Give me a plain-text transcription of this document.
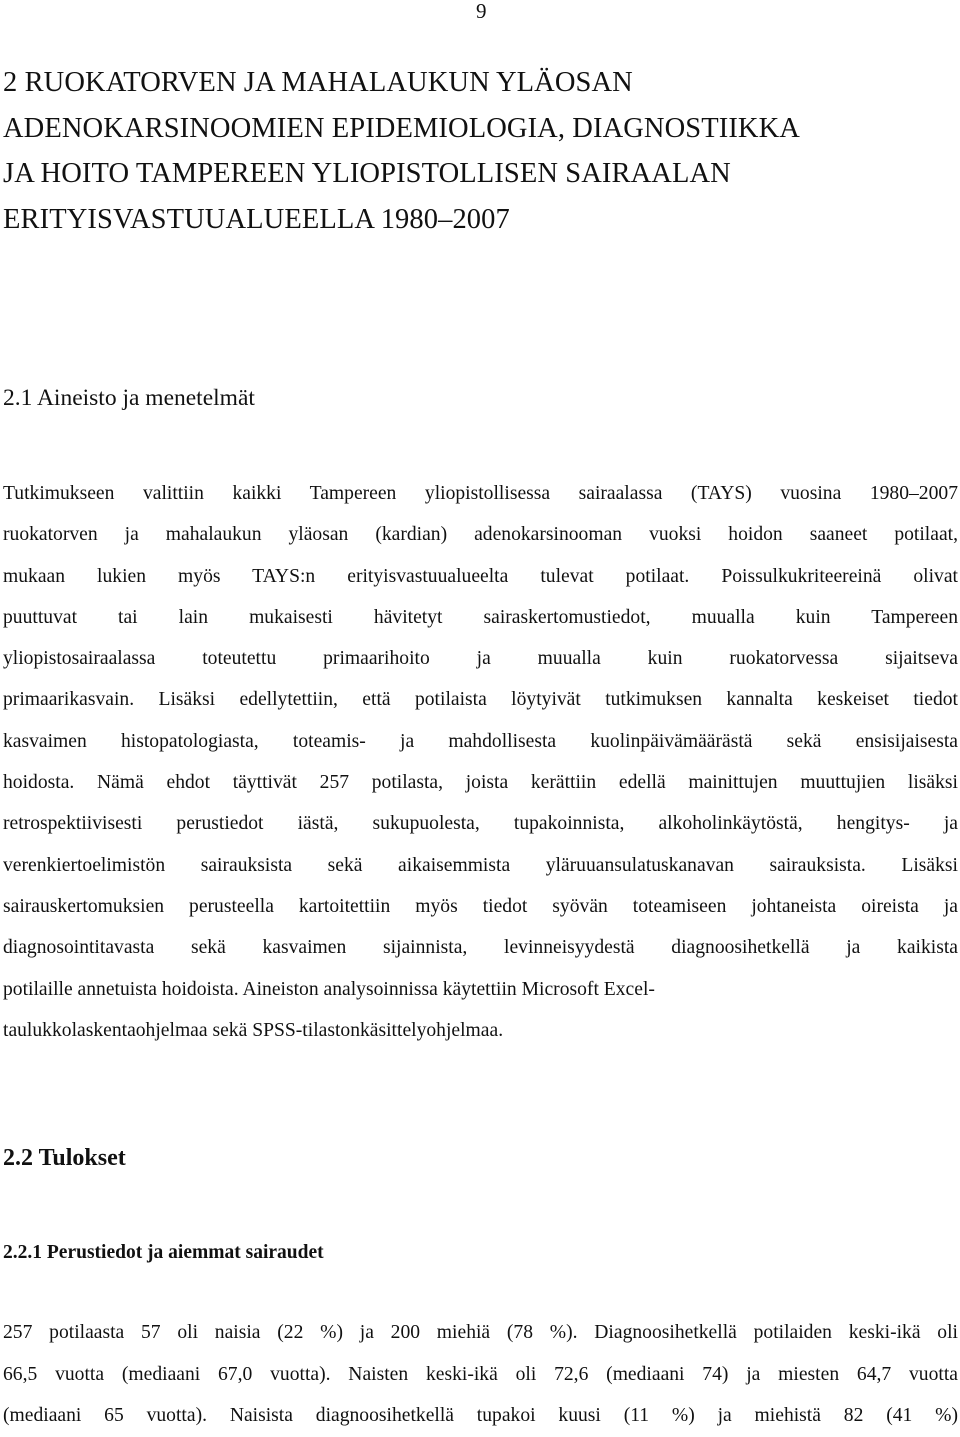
9
2 RUOKATORVEN JA MAHALAUKUN YLÄOSAN
ADENOKARSINOOMIEN EPIDEMIOLOGIA, DIAGNOSTIIKKA
JA HOITO TAMPEREEN YLIOPISTOLLISEN SAIRAALAN
ERITYISVASTUUALUEELLA 1980–2007
2.1 Aineisto ja menetelmät
Tutkimukseen valittiin kaikki Tampereen yliopistollisessa sairaalassa (TAYS) vuosina 1980–2007
ruokatorven ja mahalaukun yläosan (kardian) adenokarsinooman vuoksi hoidon saaneet potilaat,
mukaan lukien myös TAYS:n erityisvastuualueelta tulevat potilaat. Poissulkukriteereinä olivat
puuttuvat tai lain mukaisesti hävitetyt sairaskertomustiedot, muualla kuin Tampereen
yliopistosairaalassa toteutettu primaarihoito ja muualla kuin ruokatorvessa sijaitseva
primaarikasvain. Lisäksi edellytettiin, että potilaista löytyivät tutkimuksen kannalta keskeiset tiedot
kasvaimen histopatologiasta, toteamis- ja mahdollisesta kuolinpäivämäärästä sekä ensisijaisesta
hoidosta. Nämä ehdot täyttivät 257 potilasta, joista kerättiin edellä mainittujen muuttujien lisäksi
retrospektiivisesti perustiedot iästä, sukupuolesta, tupakoinnista, alkoholinkäytöstä, hengitys- ja
verenkiertoelimistön sairauksista sekä aikaisemmista yläruuansulatuskanavan sairauksista. Lisäksi
sairauskertomuksien perusteella kartoitettiin myös tiedot syövän toteamiseen johtaneista oireista ja
diagnosointitavasta sekä kasvaimen sijainnista, levinneisyydestä diagnoosihetkellä ja kaikista
potilaille annetuista hoidoista. Aineiston analysoinnissa käytettiin Microsoft Excel-
taulukkolaskentaohjelmaa sekä SPSS-tilastonkäsittelyohjelmaa.
2.2 Tulokset
2.2.1 Perustiedot ja aiemmat sairaudet
257 potilaasta 57 oli naisia (22 %) ja 200 miehiä (78 %). Diagnoosihetkellä potilaiden keski-ikä oli
66,5 vuotta (mediaani 67,0 vuotta). Naisten keski-ikä oli 72,6 (mediaani 74) ja miesten 64,7 vuotta
(mediaani 65 vuotta). Naisista diagnoosihetkellä tupakoi kuusi (11 %) ja miehistä 82 (41 %)
